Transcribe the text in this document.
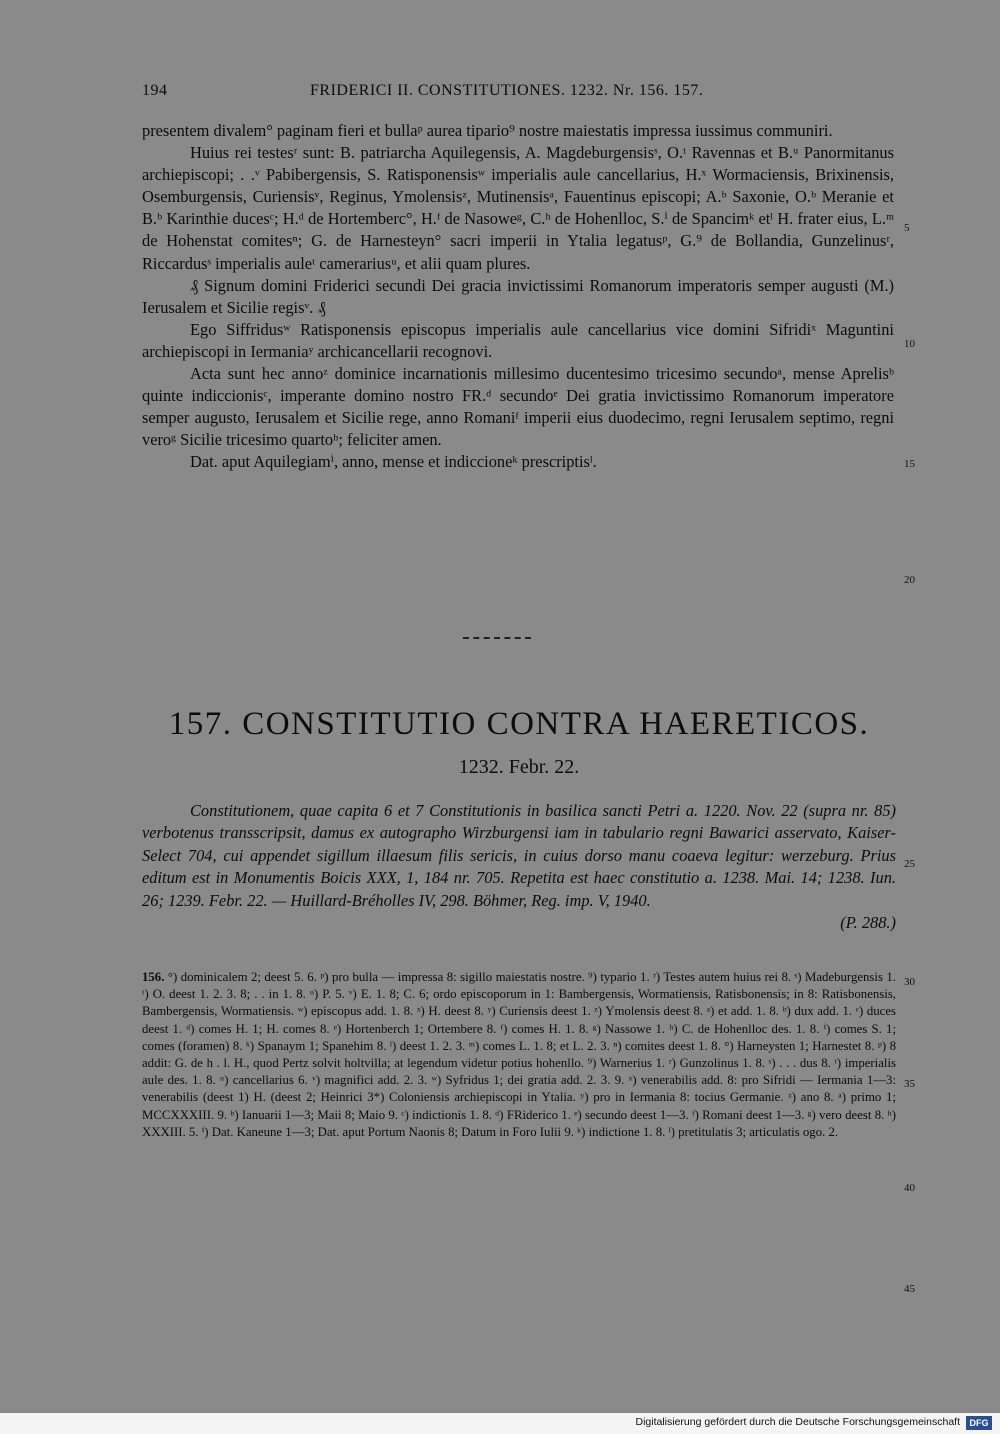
194	FRIDERICI II. CONSTITUTIONES. 1232. Nr. 156. 157.

presentem divalem° paginam fieri et bullaᵖ aurea tipario⁹ nostre maiestatis impressa iussimus communiri.

Huius rei testesʳ sunt: B. patriarcha Aquilegensis, A. Magdeburgensisˢ, O.ᵗ Ravennas et B.ᵘ Panormitanus archiepiscopi; . .ᵛ Pabibergensis, S. Ratisponensisʷ imperialis aule cancellarius, H.ˣ Wormaciensis, Brixinensis, Osemburgensis, Curiensisʸ, Reginus, Ymolensisᶻ, Mutinensisᵃ, Fauentinus episcopi; A.ᵇ Saxonie, O.ᵇ Meranie et B.ᵇ Karinthie ducesᶜ; H.ᵈ de Hortemberc°, H.ᶠ de Nasoweᵍ, C.ʰ de Hohenlloc, S.ⁱ de Spancimᵏ etˡ H. frater eius, L.ᵐ de Hohenstat comitesⁿ; G. de Harnesteyn° sacri imperii in Ytalia legatusᵖ, G.⁹ de Bollandia, Gunzelinusʳ, Riccardusˢ imperialis auleᵗ camerariusᵘ, et alii quam plures.

₰ Signum domini Friderici secundi Dei gracia invictissimi Romanorum imperatoris semper augusti (M.) Ierusalem et Sicilie regisᵛ. ₰

Ego Siffridusʷ Ratisponensis episcopus imperialis aule cancellarius vice domini Sifridiˣ Maguntini archiepiscopi in Iermaniaʸ archicancellarii recognovi.

Acta sunt hec annoᶻ dominice incarnationis millesimo ducentesimo tricesimo secundoᵃ, mense Aprelisᵇ quinte indiccionisᶜ, imperante domino nostro FR.ᵈ secundoᵉ Dei gratia invictissimo Romanorum imperatore semper augusto, Ierusalem et Sicilie rege, anno Romaniᶠ imperii eius duodecimo, regni Ierusalem septimo, regni veroᵍ Sicilie tricesimo quartoʰ; feliciter amen.

Dat. aput Aquilegiamⁱ, anno, mense et indiccioneᵏ prescriptisˡ.

5
10
15
20
157. CONSTITUTIO CONTRA HAERETICOS.
1232. Febr. 22.

Constitutionem, quae capita 6 et 7 Constitutionis in basilica sancti Petri a. 1220. Nov. 22 (supra nr. 85) verbotenus transscripsit, damus ex autographo Wirzburgensi iam in tabulario regni Bawarici asservato, Kaiser-Select 704, cui appendet sigillum illaesum filis sericis, in cuius dorso manu coaeva legitur: werzeburg. Prius editum est in Monumentis Boicis XXX, 1, 184 nr. 705. Repetita est haec constitutio a. 1238. Mai. 14; 1238. Iun. 26; 1239. Febr. 22. — Huillard-Bréholles IV, 298. Böhmer, Reg. imp. V, 1940.

(P. 288.)

25

156. °) dominicalem 2; deest 5. 6. ᵖ) pro bulla — impressa 8: sigillo maiestatis nostre. ⁹) typario 1. ʳ) Testes autem huius rei 8. ˢ) Madeburgensis 1. ᵗ) O. deest 1. 2. 3. 8; . . in 1. 8. ᵘ) P. 5. ᵛ) E. 1. 8; C. 6; ordo episcoporum in 1: Bambergensis, Wormatiensis, Ratisbonensis; in 8: Ratisbonensis, Bambergensis, Wormatiensis. ʷ) episcopus add. 1. 8. ˣ) H. deest 8. ʸ) Curiensis deest 1. ᶻ) Ymolensis deest 8. ᵃ) et add. 1. 8. ᵇ) dux add. 1. ᶜ) duces deest 1. ᵈ) comes H. 1; H. comes 8. ᵉ) Hortenberch 1; Ortembere 8. ᶠ) comes H. 1. 8. ᵍ) Nassowe 1. ʰ) C. de Hohenlloc des. 1. 8. ⁱ) comes S. 1; comes (foramen) 8. ᵏ) Spanaym 1; Spanehim 8. ˡ) deest 1. 2. 3. ᵐ) comes L. 1. 8; et L. 2. 3. ⁿ) comites deest 1. 8. °) Harneysten 1; Harnestet 8. ᵖ) 8 addit: G. de h . l. H., quod Pertz solvit holtvilla; at legendum videtur potius hohenllo. ⁹) Warnerius 1. ʳ) Gunzolinus 1. 8. ˢ) . . . dus 8. ᵗ) imperialis aule des. 1. 8. ᵘ) cancellarius 6. ᵛ) magnifici add. 2. 3. ʷ) Syfridus 1; dei gratia add. 2. 3. 9. ˣ) venerabilis add. 8: pro Sifridi — Iermania 1—3: venerabilis (deest 1) H. (deest 2; Heinrici 3*) Coloniensis archiepiscopi in Ytalia. ʸ) pro in Iermania 8: tocius Germanie. ᶻ) ano 8. ᵃ) primo 1; MCCXXXIII. 9. ᵇ) Ianuarii 1—3; Maii 8; Maio 9. ᶜ) indictionis 1. 8. ᵈ) FRiderico 1. ᵉ) secundo deest 1—3. ᶠ) Romani deest 1—3. ᵍ) vero deest 8. ʰ) XXXIII. 5. ⁱ) Dat. Kaneune 1—3; Dat. aput Portum Naonis 8; Datum in Foro Iulii 9. ᵏ) indictione 1. 8. ˡ) pretitulatis 3; articulatis ogo. 2.

30
35
40
45
Digitalisierung gefördert durch die Deutsche Forschungsgemeinschaft	DFG
